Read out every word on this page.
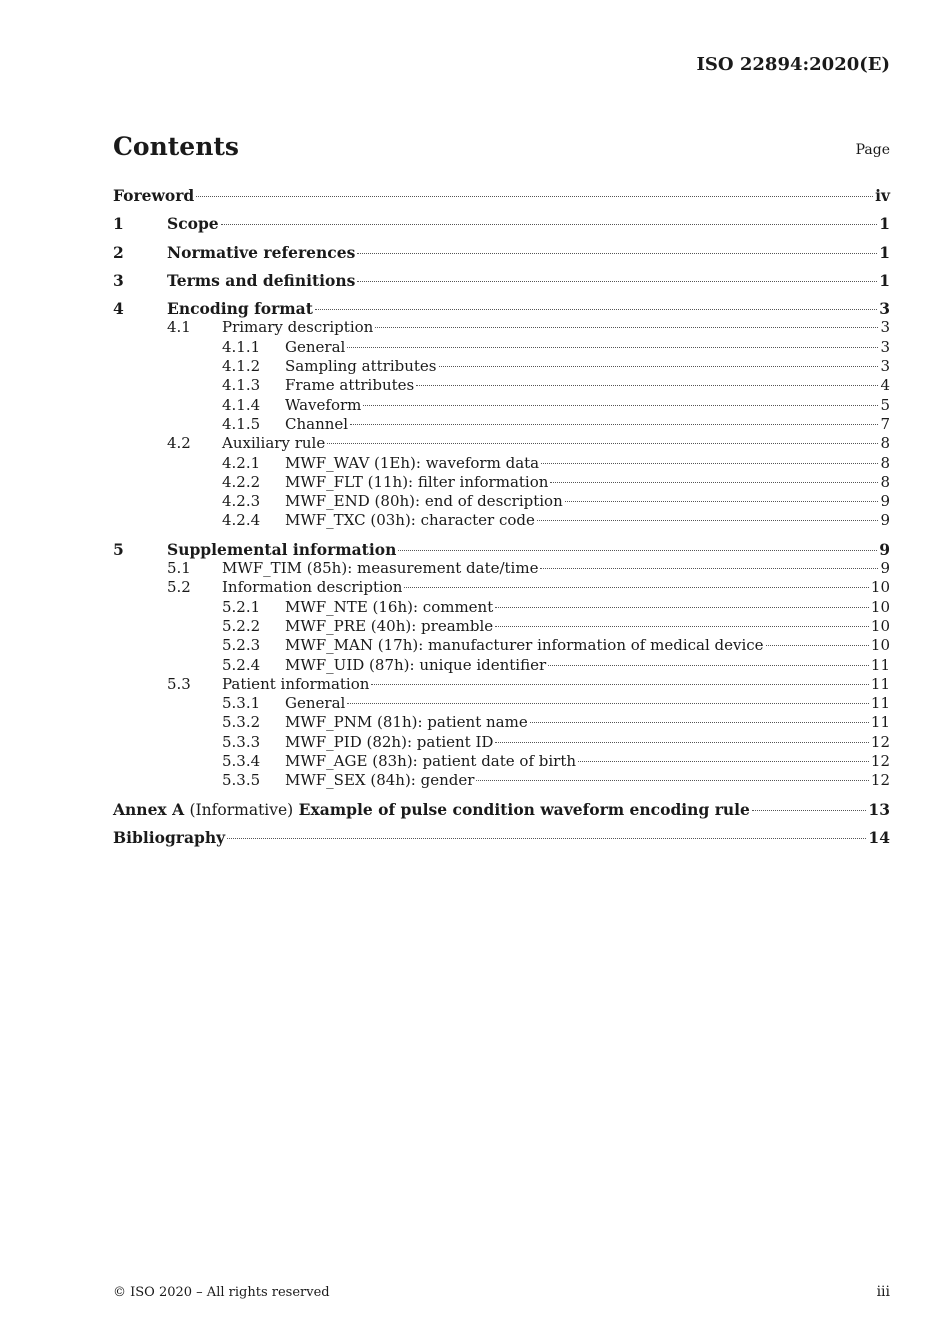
ISO 22894:2020(E)
Contents	Page
Foreword	iv
1	Scope	1
2	Normative references	1
3	Terms and definitions	1
4	Encoding format	3
4.1	Primary description	3
4.1.1	General	3
4.1.2	Sampling attributes	3
4.1.3	Frame attributes	4
4.1.4	Waveform	5
4.1.5	Channel	7
4.2	Auxiliary rule	8
4.2.1	MWF_WAV (1Eh): waveform data	8
4.2.2	MWF_FLT (11h): filter information	8
4.2.3	MWF_END (80h): end of description	9
4.2.4	MWF_TXC (03h): character code	9
5	Supplemental information	9
5.1	MWF_TIM (85h): measurement date/time	9
5.2	Information description	10
5.2.1	MWF_NTE (16h): comment	10
5.2.2	MWF_PRE (40h): preamble	10
5.2.3	MWF_MAN (17h): manufacturer information of medical device	10
5.2.4	MWF_UID (87h): unique identifier	11
5.3	Patient information	11
5.3.1	General	11
5.3.2	MWF_PNM (81h): patient name	11
5.3.3	MWF_PID (82h): patient ID	12
5.3.4	MWF_AGE (83h): patient date of birth	12
5.3.5	MWF_SEX (84h): gender	12
Annex A (Informative) Example of pulse condition waveform encoding rule	13
Bibliography	14
© ISO 2020 – All rights reserved	iii
